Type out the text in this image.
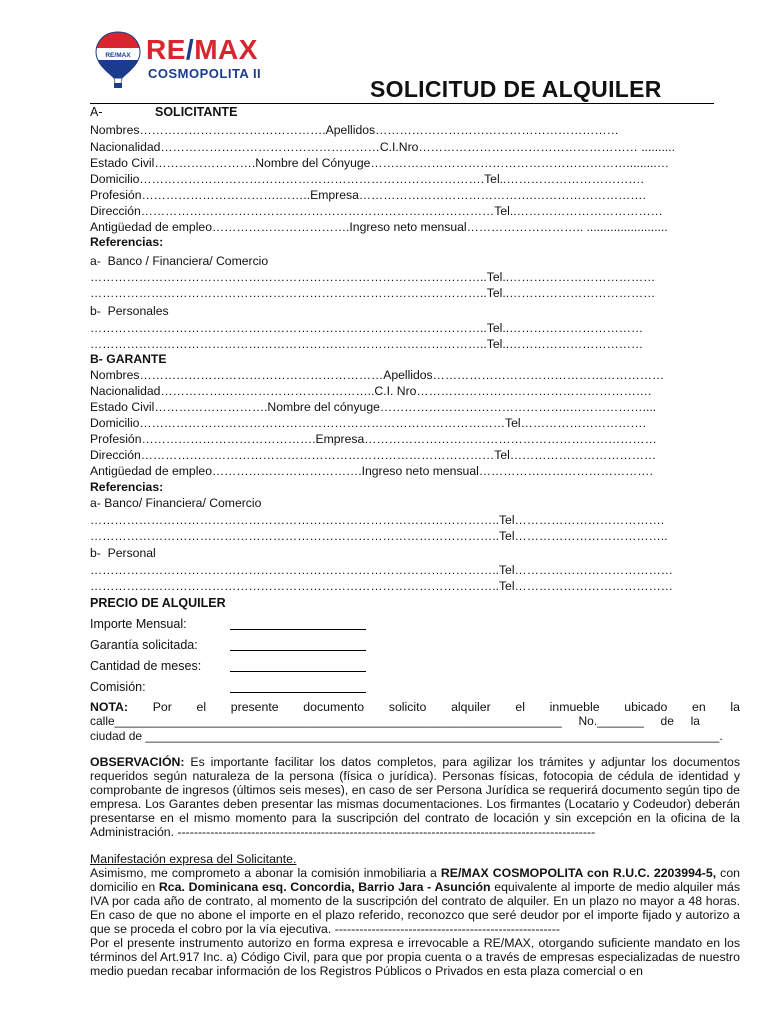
RE/MAX RE/MAX
COSMOPOLITA II
SOLICITUD DE ALQUILER
A-	SOLICITANTE
Nombres……………………………………….Apellidos……………………………………………………
Nacionalidad………………………………………………C.I.Nro……………………………………………… ..........
Estado Civil…………………….Nombre del Cónyuge……………………………………………………….........…
Domicilio………………………………………………………………………….Tel..…………………………….
Profesión…………………………….……..Empresa…………………………………….……………………….
Dirección……………………………………………………………………………Tel..………………………………
Antigüedad de empleo…………………………….Ingreso neto mensual……………………….. ........................
Referencias:
a-  Banco / Financiera/ Comercio
……………………………………………………………………………………..Tel..………………………………
……………………………………………………………………………………..Tel..………………………………
b-  Personales
……………………………………………………………………………………..Tel..……………………………
……………………………………………………………………………………..Tel..……………………………
B- GARANTE
Nombres……………………………………………………Apellidos…………………………………………………
Nacionalidad……………………………………………..C.I. Nro………………………………………………….
Estado Civil……………………….Nombre del cónyuge………………………………………..………………....
Domicilio………………………………………………………………………………Tel………………………….
Profesión…………………………………….Empresa………………………………………………………………
Dirección……………………………………………………………………………Tel………………………………
Antigüedad de empleo……………………………….Ingreso neto mensual…………………………………….
Referencias:
a- Banco/ Financiera/ Comercio
………………………………………………………………………………………..Tel……………………………….
………………………………………………………………………………………..Tel………………………………..
b-  Personal
………………………………………………………………………………………..Tel…………………………………
………………………………………………………………………………………..Tel…………………………………
PRECIO DE ALQUILER
Importe Mensual:
Garantía solicitada:
Cantidad de meses:
Comisión:
NOTA: Por el presente documento solicito alquiler el inmueble ubicado en la
calle___________________________________________________________________     No._______     de     la
ciudad de ______________________________________________________________________________________.
OBSERVACIÓN: Es importante facilitar los datos completos, para agilizar los trámites y adjuntar los documentos requeridos según naturaleza de la persona (física o jurídica). Personas físicas, fotocopia de cédula de identidad y comprobante de ingresos (últimos seis meses), en caso de ser Persona Jurídica se requerirá documento según tipo de empresa. Los Garantes deben presentar las mismas documentaciones. Los firmantes (Locatario y Codeudor) deberán presentarse en el mismo momento para la suscripción del contrato de locación y sin excepción en la oficina de la Administración. ------------------------------------------------------------------------------------------------------
Manifestación expresa del Solicitante.
Asimismo, me comprometo a abonar la comisión inmobiliaria a RE/MAX COSMOPOLITA con R.U.C. 2203994-5, con domicilio en Rca. Dominicana esq. Concordia, Barrio Jara - Asunción equivalente al importe de medio alquiler más IVA por cada año de contrato, al momento de la suscripción del contrato de alquiler. En un plazo no mayor a 48 horas. En caso de que no abone el importe en el plazo referido, reconozco que seré deudor por el importe fijado y autorizo a que se proceda el cobro por la vía ejecutiva. -------------------------------------------------------
Por el presente instrumento autorizo en forma expresa e irrevocable a RE/MAX, otorgando suficiente mandato en los términos del Art.917 Inc. a) Código Civil, para que por propia cuenta o a través de empresas especializadas de nuestro medio puedan recabar información de los Registros Públicos o Privados en esta plaza comercial o en
